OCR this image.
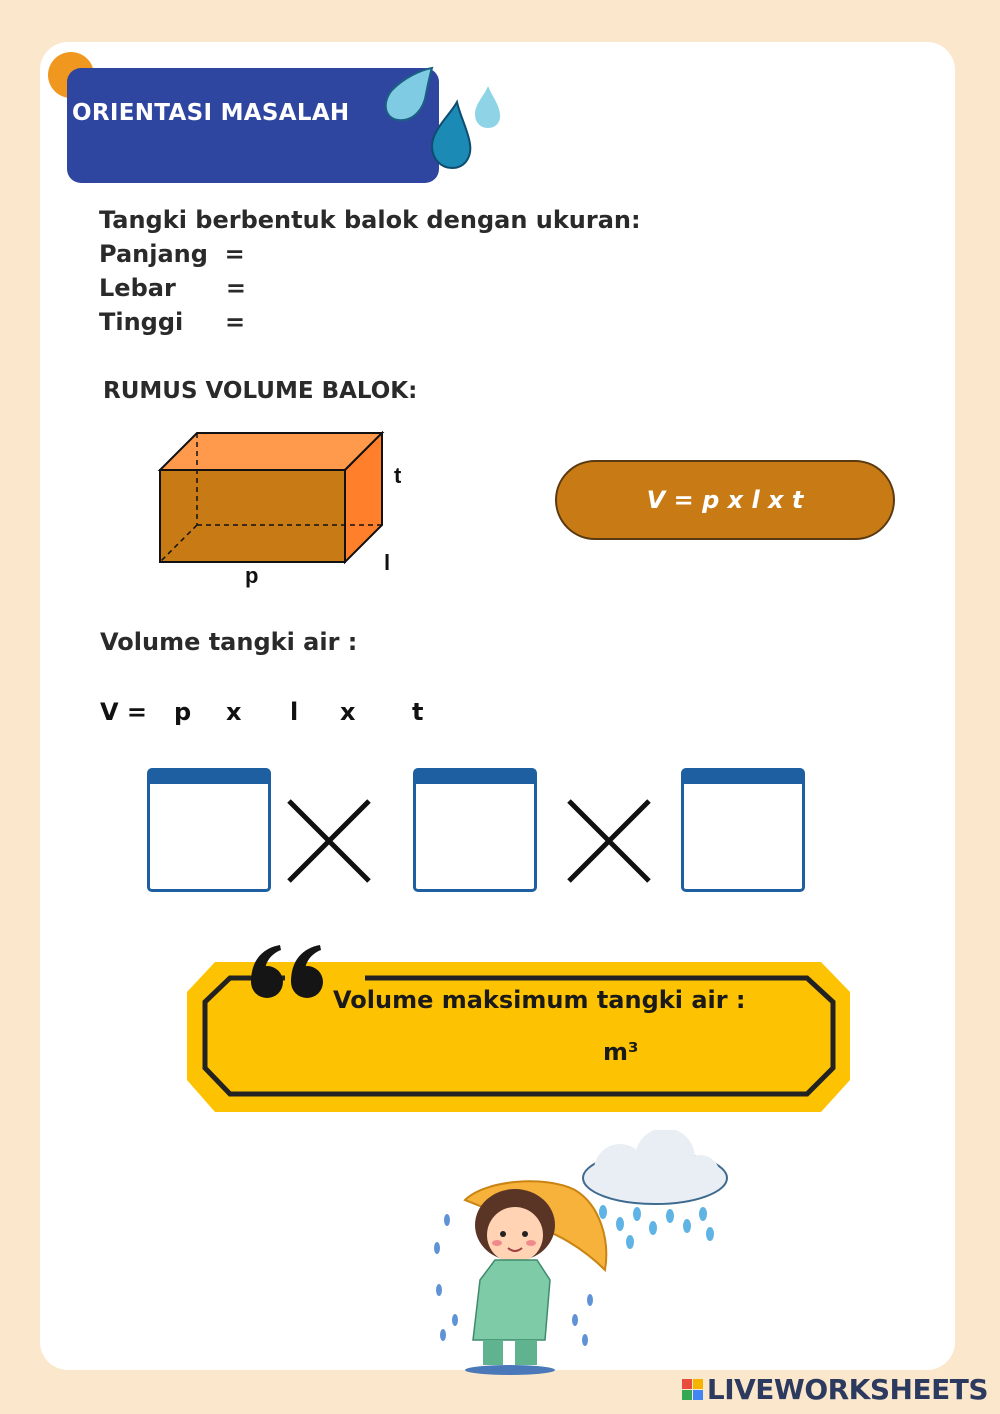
ORIENTASI MASALAH
Tangki berbentuk balok dengan ukuran:
Panjang  =
Lebar      =
Tinggi     =
RUMUS VOLUME BALOK:
t
p
l
V = p x l x t
Volume tangki air :
V = p x l x t
Volume maksimum tangki air :
m³
LIVEWORKSHEETS
